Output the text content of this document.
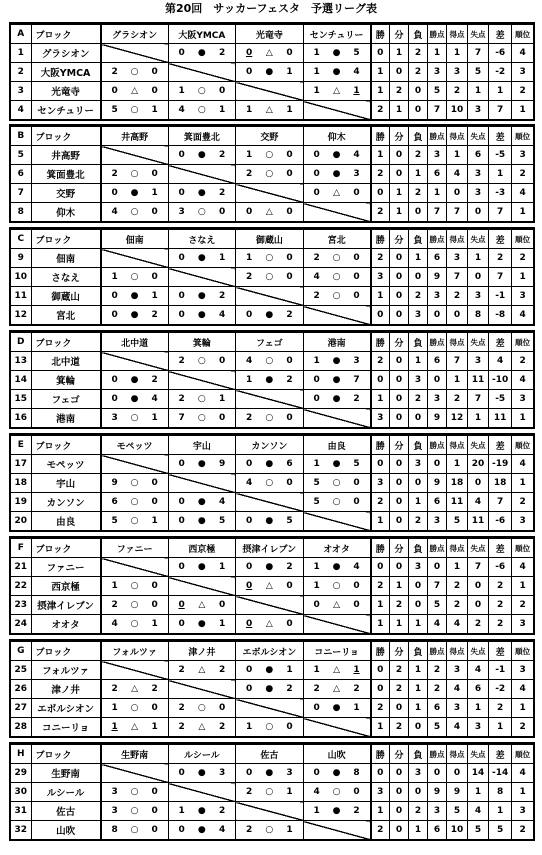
第20回　サッカーフェスタ　予選リーグ表
A	ブロック	グラシオン	大阪YMCA	光竜寺	センチュリー	勝	分	負	勝点	得点	失点	差	順位
1	グラシオン		0 ● 2	0 △ 0	1 ● 5	0	1	2	1	1	7	-6	4
2	大阪YMCA	2 ○ 0		0 ● 1	1 ● 4	1	0	2	3	3	5	-2	3
3	光竜寺	0 △ 0	1 ○ 0		1 △ 1	1	2	0	5	2	1	1	2
4	センチュリー	5 ○ 1	4 ○ 1	1 △ 1		2	1	0	7	10	3	7	1
B	ブロック	井高野	箕面豊北	交野	仰木	勝	分	負	勝点	得点	失点	差	順位
5	井高野		0 ● 2	1 ○ 0	0 ● 4	1	0	2	3	1	6	-5	3
6	箕面豊北	2 ○ 0		2 ○ 0	0 ● 3	2	0	1	6	4	3	1	2
7	交野	0 ● 1	0 ● 2		0 △ 0	0	1	2	1	0	3	-3	4
8	仰木	4 ○ 0	3 ○ 0	0 △ 0		2	1	0	7	7	0	7	1
C	ブロック	佃南	さなえ	御蔵山	宮北	勝	分	負	勝点	得点	失点	差	順位
9	佃南		0 ● 1	1 ○ 0	2 ○ 0	2	0	1	6	3	1	2	2
10	さなえ	1 ○ 0		2 ○ 0	4 ○ 0	3	0	0	9	7	0	7	1
11	御蔵山	0 ● 1	0 ● 2		2 ○ 0	1	0	2	3	2	3	-1	3
12	宮北	0 ● 2	0 ● 4	0 ● 2		0	0	3	0	0	8	-8	4
D	ブロック	北中道	箕輪	フェゴ	港南	勝	分	負	勝点	得点	失点	差	順位
13	北中道		2 ○ 0	4 ○ 0	1 ● 3	2	0	1	6	7	3	4	2
14	箕輪	0 ● 2		1 ● 2	0 ● 7	0	0	3	0	1	11	-10	4
15	フェゴ	0 ● 4	2 ○ 1		0 ● 2	1	0	2	3	2	7	-5	3
16	港南	3 ○ 1	7 ○ 0	2 ○ 0		3	0	0	9	12	1	11	1
E	ブロック	モペッツ	宇山	カンソン	由良	勝	分	負	勝点	得点	失点	差	順位
17	モペッツ		0 ● 9	0 ● 6	1 ● 5	0	0	3	0	1	20	-19	4
18	宇山	9 ○ 0		4 ○ 0	5 ○ 0	3	0	0	9	18	0	18	1
19	カンソン	6 ○ 0	0 ● 4		5 ○ 0	2	0	1	6	11	4	7	2
20	由良	5 ○ 1	0 ● 5	0 ● 5		1	0	2	3	5	11	-6	3
F	ブロック	ファニー	西京極	摂津イレブン	オオタ	勝	分	負	勝点	得点	失点	差	順位
21	ファニー		0 ● 1	0 ● 2	1 ● 4	0	0	3	0	1	7	-6	4
22	西京極	1 ○ 0		0 △ 0	1 ○ 0	2	1	0	7	2	0	2	1
23	摂津イレブン	2 ○ 0	0 △ 0		0 △ 0	1	2	0	5	2	0	2	2
24	オオタ	4 ○ 1	0 ● 1	0 △ 0		1	1	1	4	4	2	2	3
G	ブロック	フォルツァ	津ノ井	エボルシオン	コニーリョ	勝	分	負	勝点	得点	失点	差	順位
25	フォルツァ		2 △ 2	0 ● 1	1 △ 1	0	2	1	2	3	4	-1	3
26	津ノ井	2 △ 2		0 ● 2	2 △ 2	0	2	1	2	4	6	-2	4
27	エボルシオン	1 ○ 0	2 ○ 0		0 ● 1	2	0	1	6	3	1	2	1
28	コニーリョ	1 △ 1	2 △ 2	1 ○ 0		1	2	0	5	4	3	1	2
H	ブロック	生野南	ルシール	佐古	山吹	勝	分	負	勝点	得点	失点	差	順位
29	生野南		0 ● 3	0 ● 3	0 ● 8	0	0	3	0	0	14	-14	4
30	ルシール	3 ○ 0		2 ○ 1	4 ○ 0	3	0	0	9	9	1	8	1
31	佐古	3 ○ 0	1 ● 2		1 ● 2	1	0	2	3	5	4	1	3
32	山吹	8 ○ 0	0 ● 4	2 ○ 1		2	0	1	6	10	5	5	2
